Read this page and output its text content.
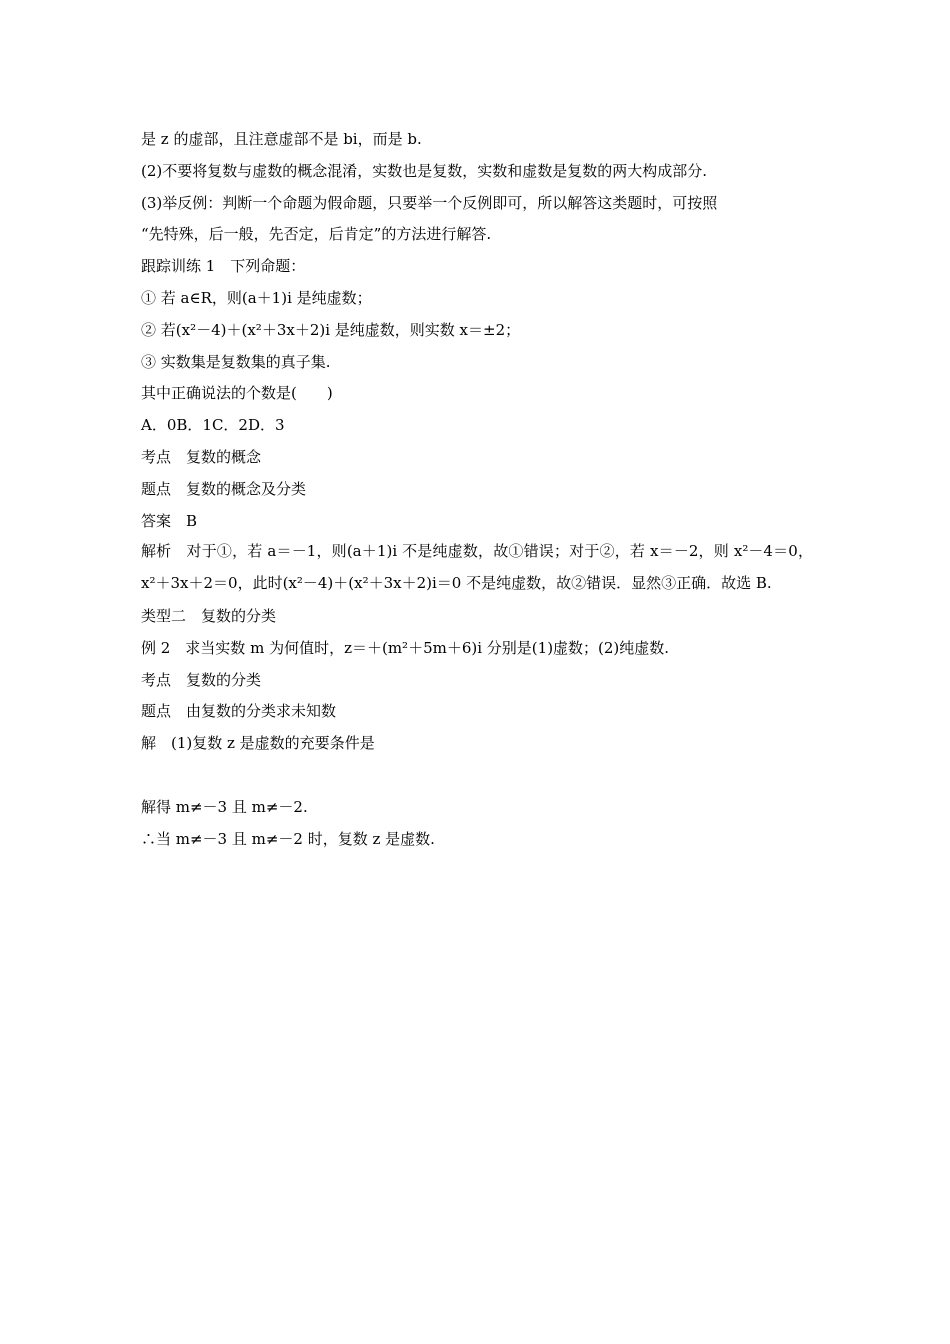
是 z 的虚部，且注意虚部不是 bi，而是 b.
(2)不要将复数与虚数的概念混淆，实数也是复数，实数和虚数是复数的两大构成部分.
(3)举反例：判断一个命题为假命题，只要举一个反例即可，所以解答这类题时，可按照
“先特殊，后一般，先否定，后肯定”的方法进行解答.
跟踪训练 1　下列命题：
① 若 a∈R，则(a＋1)i 是纯虚数；
② 若(x²－4)＋(x²＋3x＋2)i 是纯虚数，则实数 x＝±2；
③ 实数集是复数集的真子集.
其中正确说法的个数是(　　)
A．0B．1C．2D．3
考点　复数的概念
题点　复数的概念及分类
答案　B
解析　对于①，若 a＝－1，则(a＋1)i 不是纯虚数，故①错误；对于②，若 x＝－2，则 x²－4＝0，x²＋3x＋2＝0，此时(x²－4)＋(x²＋3x＋2)i＝0 不是纯虚数，故②错误．显然③正确．故选 B.
类型二　复数的分类
例 2　求当实数 m 为何值时，z＝＋(m²＋5m＋6)i 分别是(1)虚数；(2)纯虚数.
考点　复数的分类
题点　由复数的分类求未知数
解　(1)复数 z 是虚数的充要条件是
解得 m≠－3 且 m≠－2.
∴当 m≠－3 且 m≠－2 时，复数 z 是虚数.
